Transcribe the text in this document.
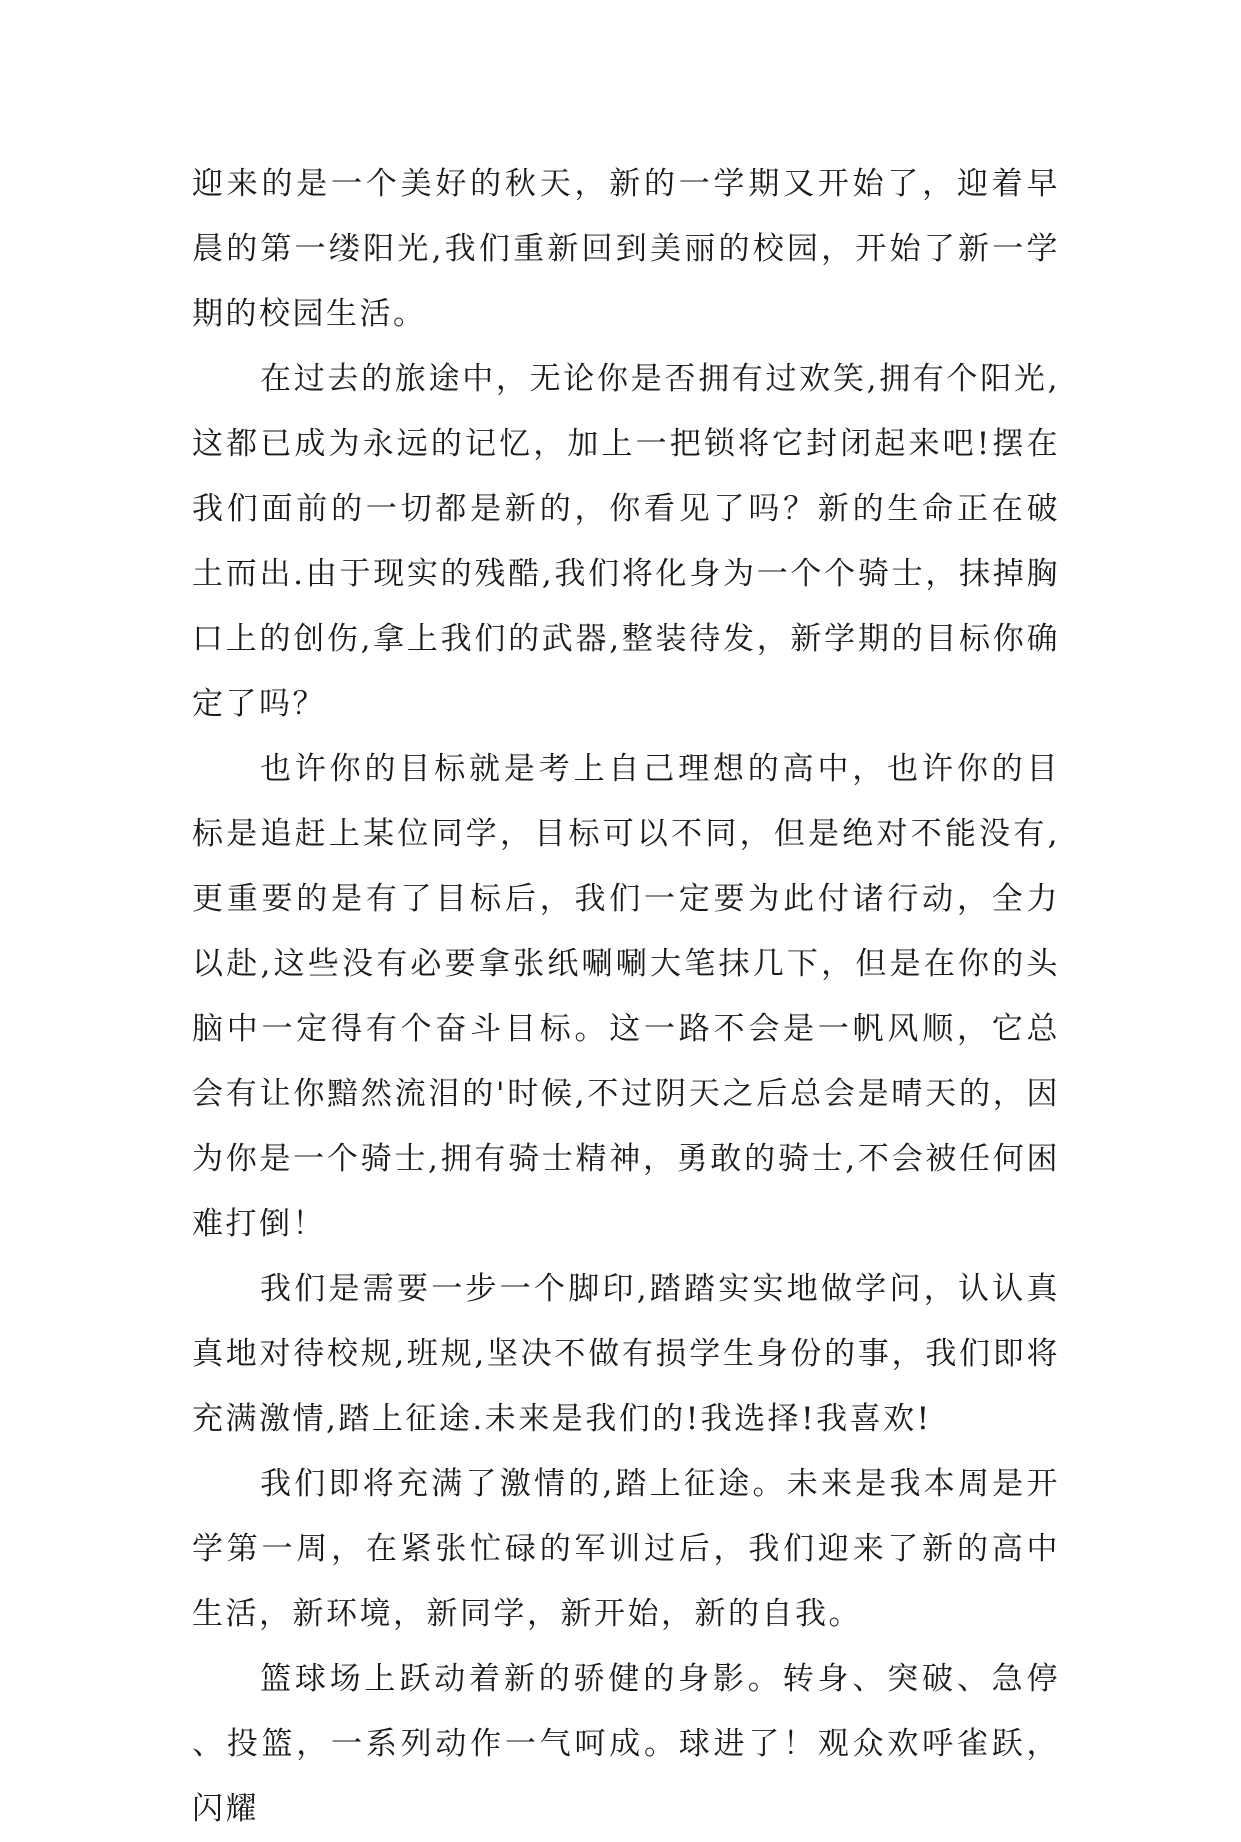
迎来的是一个美好的秋天，新的一学期又开始了，迎着早晨的第一缕阳光,我们重新回到美丽的校园，开始了新一学期的校园生活。

在过去的旅途中，无论你是否拥有过欢笑,拥有个阳光,这都已成为永远的记忆，加上一把锁将它封闭起来吧!摆在我们面前的一切都是新的，你看见了吗？新的生命正在破土而出.由于现实的残酷,我们将化身为一个个骑士，抹掉胸口上的创伤,拿上我们的武器,整装待发，新学期的目标你确定了吗？

也许你的目标就是考上自己理想的高中，也许你的目标是追赶上某位同学，目标可以不同，但是绝对不能没有,更重要的是有了目标后，我们一定要为此付诸行动，全力以赴,这些没有必要拿张纸唰唰大笔抹几下，但是在你的头脑中一定得有个奋斗目标。这一路不会是一帆风顺，它总会有让你黯然流泪的'时候,不过阴天之后总会是晴天的，因为你是一个骑士,拥有骑士精神，勇敢的骑士,不会被任何困难打倒！

我们是需要一步一个脚印,踏踏实实地做学问，认认真真地对待校规,班规,坚决不做有损学生身份的事，我们即将充满激情,踏上征途.未来是我们的!我选择!我喜欢!

我们即将充满了激情的,踏上征途。未来是我本周是开学第一周，在紧张忙碌的军训过后，我们迎来了新的高中生活，新环境，新同学，新开始，新的自我。

篮球场上跃动着新的骄健的身影。转身、突破、急停、投篮，一系列动作一气呵成。球进了！观众欢呼雀跃，闪耀
